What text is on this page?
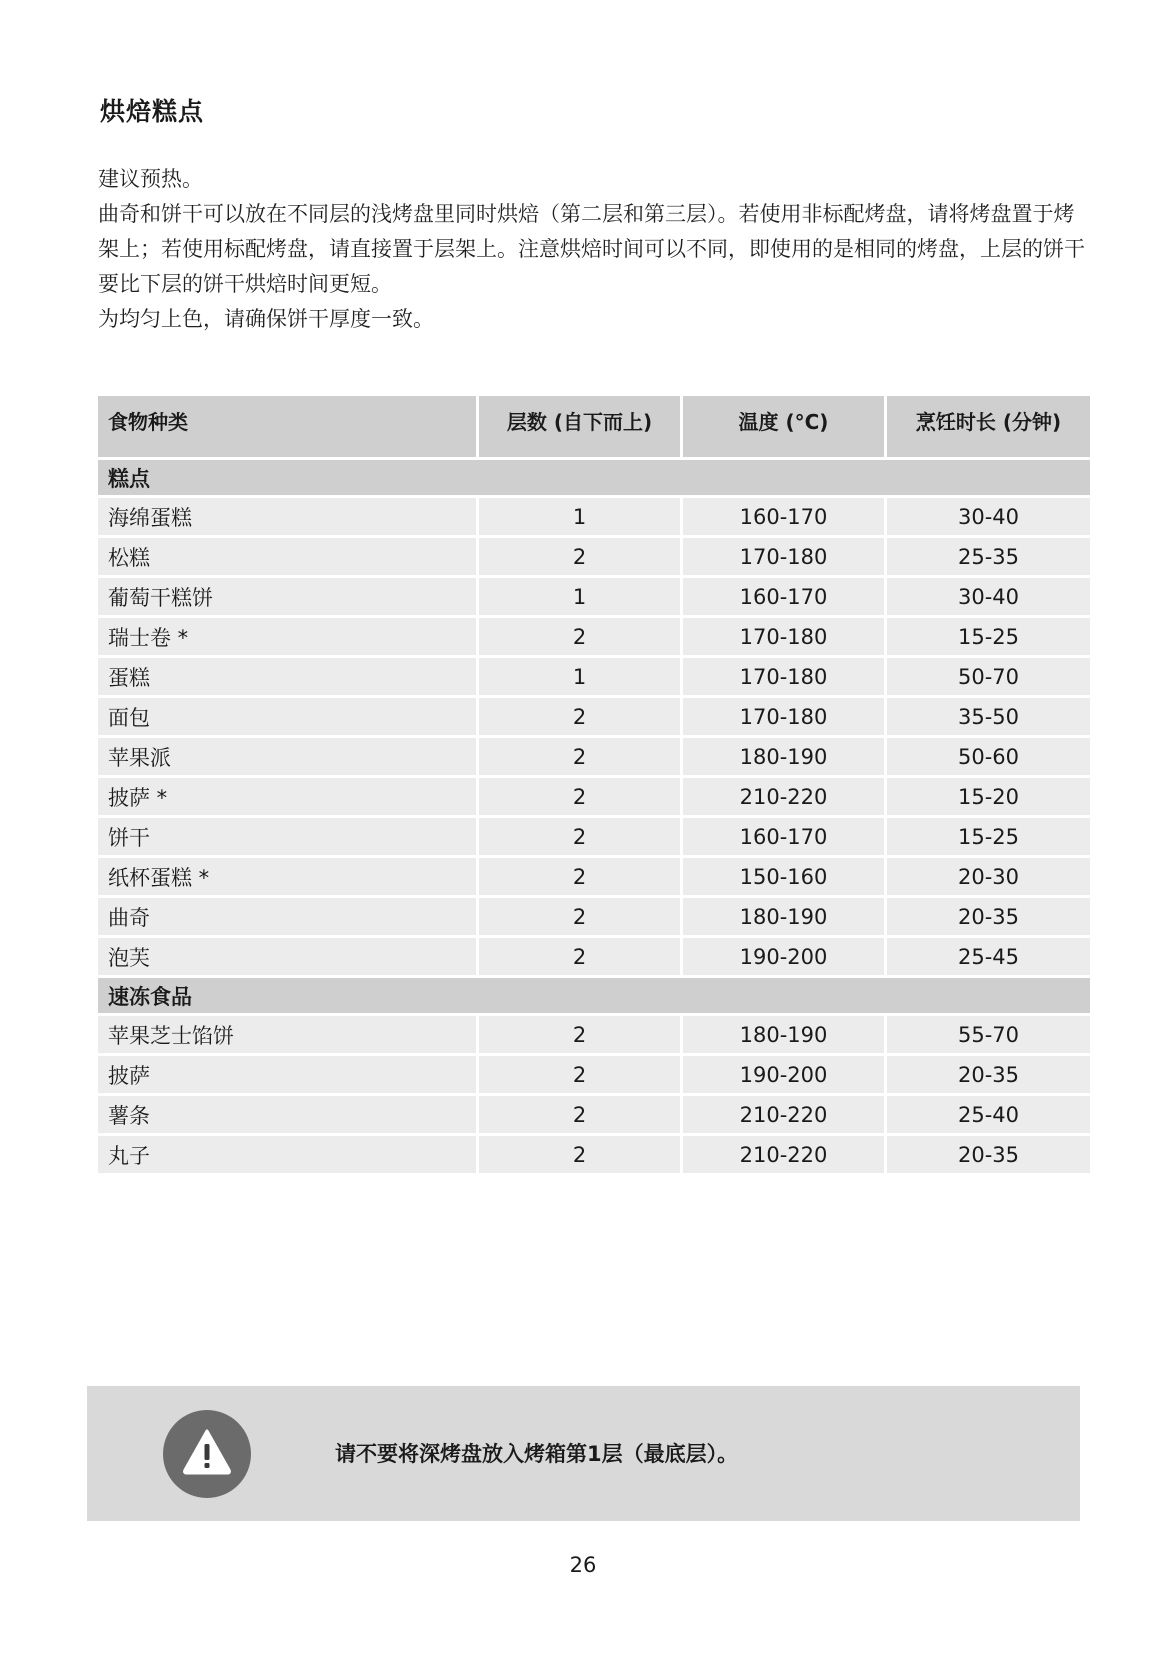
烘焙糕点

建议预热。

曲奇和饼干可以放在不同层的浅烤盘里同时烘焙（第二层和第三层）。若使用非标配烤盘，请将烤盘置于烤架上；若使用标配烤盘，请直接置于层架上。注意烘焙时间可以不同，即使用的是相同的烤盘，上层的饼干要比下层的饼干烘焙时间更短。

为均匀上色，请确保饼干厚度一致。

食物种类	层数 (自下而上)	温度 (°C)	烹饪时长 (分钟)
糕点			
海绵蛋糕	1	160-170	30-40
松糕	2	170-180	25-35
葡萄干糕饼	1	160-170	30-40
瑞士卷 *	2	170-180	15-25
蛋糕	1	170-180	50-70
面包	2	170-180	35-50
苹果派	2	180-190	50-60
披萨 *	2	210-220	15-20
饼干	2	160-170	15-25
纸杯蛋糕 *	2	150-160	20-30
曲奇	2	180-190	20-35
泡芙	2	190-200	25-45
速冻食品			
苹果芝士馅饼	2	180-190	55-70
披萨	2	190-200	20-35
薯条	2	210-220	25-40
丸子	2	210-220	20-35
请不要将深烤盘放入烤箱第1层（最底层）。
26
